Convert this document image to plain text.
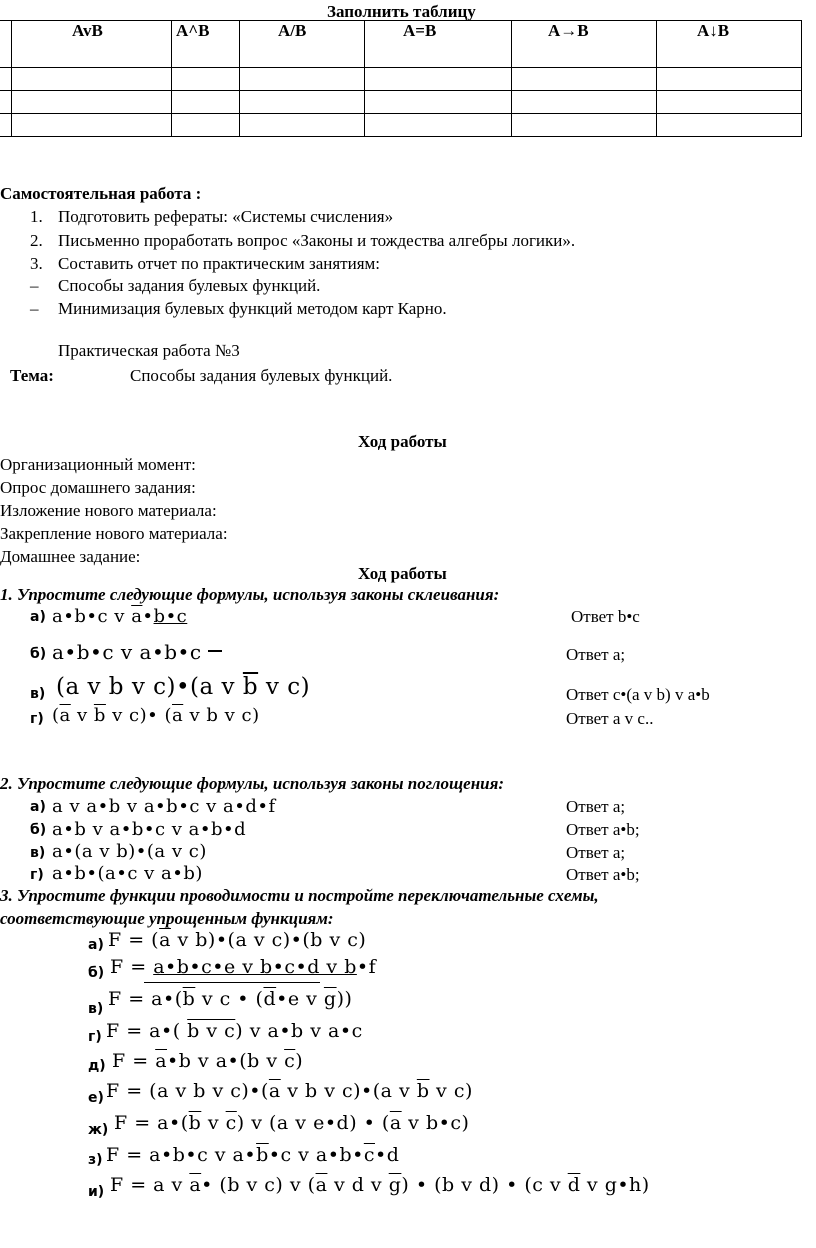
Заполнить таблицу
	AvB	A^B	A/B	A=B	A→B	A↓B

Самостоятельная работа :
1. Подготовить рефераты: «Системы счисления»
2. Письменно проработать вопрос «Законы и тождества алгебры логики».
3. Составить отчет по практическим занятиям:
– Способы задания булевых функций.
– Минимизация булевых функций методом карт Карно.
Практическая работа №3
Тема:	Способы задания булевых функций.
Ход работы
Организационный момент:
Опрос домашнего задания:
Изложение нового материала:
Закрепление нового материала:
Домашнее задание:
Ход работы
1. Упростите следующие формулы, используя законы склеивания:
а) a•b•c v $\overline{a}•b•c$	Ответ b•c
б) a•b•c v a•b•c	Ответ a;
в) (a v b v c)•(a v $\overline{b}$ v c)	Ответ c•(a v b) v a•b
г) ($\overline{a}$ v $\overline{b}$ v c)• ($\overline{a}$ v b v c)	Ответ a v c..
2. Упростите следующие формулы, используя законы поглощения:
а) a v a•b v a•b•c v a•d•f	Ответ a;
б) a•b v a•b•c v a•b•d	Ответ a•b;
в) a•(a v b)•(a v c)	Ответ a;
г) a•b•(a•c v a•b)	Ответ a•b;
3. Упростите функции проводимости и постройте переключательные схемы,
соответствующие упрощенным функциям:
а) $F = (\overline{a}$ v b)•(a v c)•(b v c)
б) F = a•b•c•e v b•c•d v b•f
в) $F = a•(\overline{b}$ v c • ($\overline{d}•e$ v $\overline{g}$))
г) F = a•( b v c) v a•b v a•c
д) $F = \overline{a}•b$ v a•(b v $\overline{c}$)
е) F = (a v b v $c)•(\overline{a}$ v b v c)•(a v $\overline{b}$ v c)
ж) $F = a•(\overline{b}$ v $\overline{c}$) v (a v e•d) • ($\overline{a}$ v b•c)
з) F = a•b•c v $a•\overline{b}•c$ v $a•b•\overline{c}•d$
и) F = a v $\overline{a}•$ (b v c) v ($\overline{a}$ v d v $\overline{g}$) • (b v d) • (c v $\overline{d}$ v g•h)
